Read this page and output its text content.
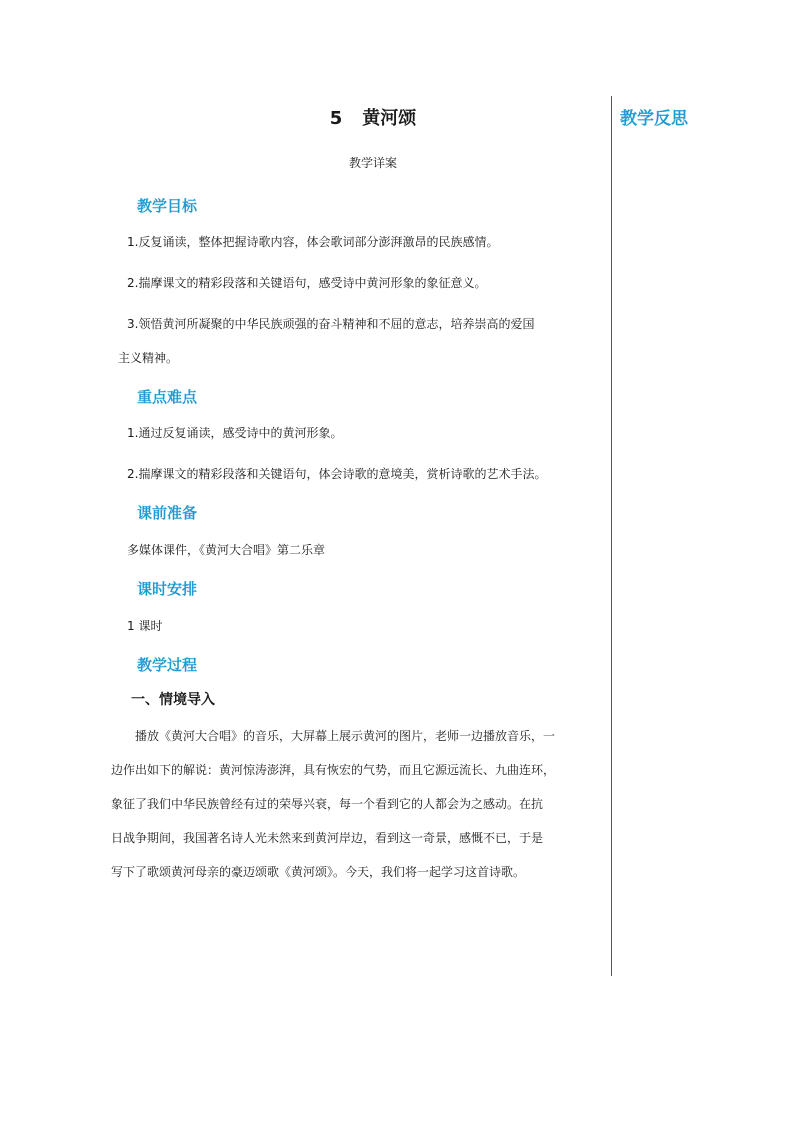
教学反思
5 黄河颂
教学详案
教学目标
1.反复诵读，整体把握诗歌内容，体会歌词部分澎湃激昂的民族感情。
2.揣摩课文的精彩段落和关键语句，感受诗中黄河形象的象征意义。
3.领悟黄河所凝聚的中华民族顽强的奋斗精神和不屈的意志，培养崇高的爱国
主义精神。
重点难点
1.通过反复诵读，感受诗中的黄河形象。
2.揣摩课文的精彩段落和关键语句，体会诗歌的意境美，赏析诗歌的艺术手法。
课前准备
多媒体课件，《黄河大合唱》第二乐章
课时安排
1 课时
教学过程
一、情境导入
　　播放《黄河大合唱》的音乐，大屏幕上展示黄河的图片，老师一边播放音乐，一
边作出如下的解说：黄河惊涛澎湃，具有恢宏的气势，而且它源远流长、九曲连环，
象征了我们中华民族曾经有过的荣辱兴衰，每一个看到它的人都会为之感动。在抗
日战争期间，我国著名诗人光未然来到黄河岸边，看到这一奇景，感慨不已，于是
写下了歌颂黄河母亲的豪迈颂歌《黄河颂》。今天，我们将一起学习这首诗歌。
